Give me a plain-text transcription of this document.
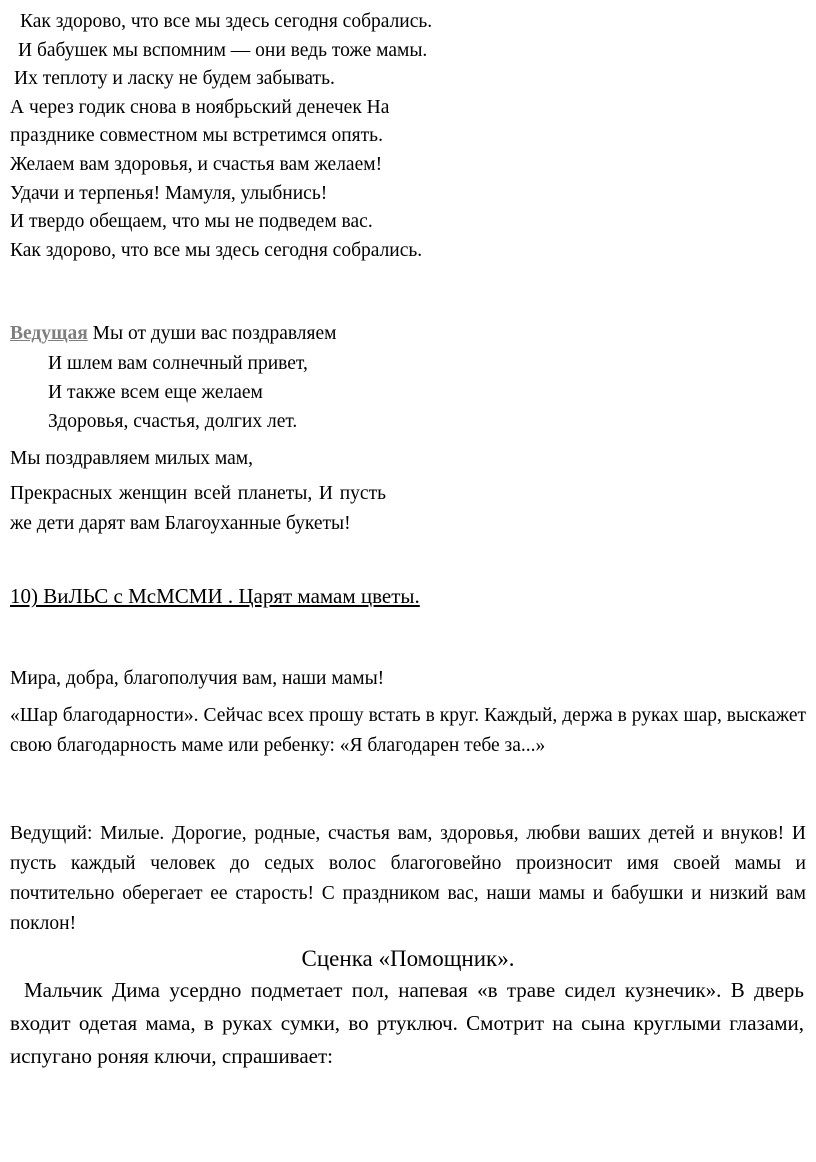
Как здорово, что все мы здесь сегодня собрались.

И бабушек мы вспомним — они ведь тоже мамы.

Их теплоту и ласку не будем забывать.

А через годик снова в ноябрьский денечек На

празднике совместном мы встретимся опять.

Желаем вам здоровья, и счастья вам желаем!

Удачи и терпенья! Мамуля, улыбнись!

И твердо обещаем, что мы не подведем вас.

Как здорово, что все мы здесь сегодня собрались.

Ведущая Мы от души вас поздравляем

И шлем вам солнечный привет,

И также всем еще желаем

Здоровья, счастья, долгих лет.

Мы поздравляем милых мам,

Прекрасных женщин всей планеты, И пусть же дети дарят вам Благоуханные букеты!

10) ВиЛЬС с МсМСМИ . Царят мамам цветы.

Мира, добра, благополучия вам, наши мамы!

«Шар благодарности». Сейчас всех прошу встать в круг. Каждый, держа в руках шар, выскажет свою благодарность маме или ребенку: «Я благодарен тебе за...»

Ведущий: Милые. Дорогие, родные, счастья вам, здоровья, любви ваших детей и внуков! И пусть каждый человек до седых волос благоговейно произносит имя своей мамы и почтительно оберегает ее старость! С праздником вас, наши мамы и бабушки и низкий вам поклон!

Сценка «Помощник».

Мальчик Дима усердно подметает пол, напевая «в траве сидел кузнечик». В дверь входит одетая мама, в руках сумки, во ртуключ. Смотрит на сына круглыми глазами, испугано роняя ключи, спрашивает:
